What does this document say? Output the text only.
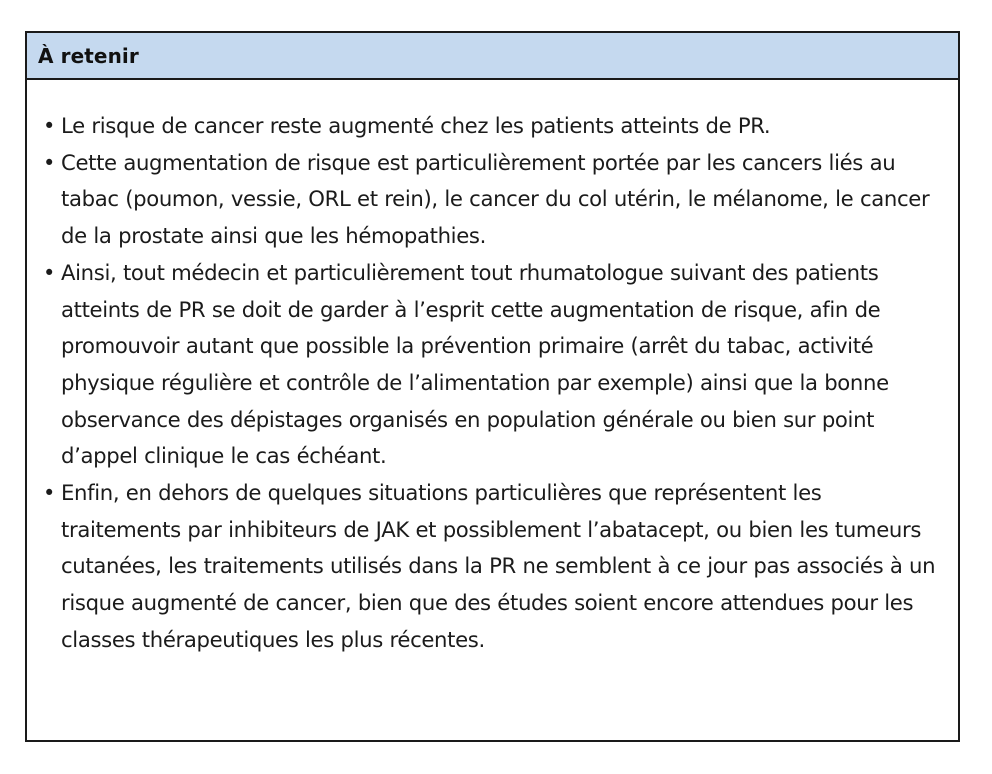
À retenir
• Le risque de cancer reste augmenté chez les patients atteints de PR.
• Cette augmentation de risque est particulièrement portée par les cancers liés au tabac (poumon, vessie, ORL et rein), le cancer du col utérin, le mélanome, le cancer de la prostate ainsi que les hémopathies.
• Ainsi, tout médecin et particulièrement tout rhumatologue suivant des patients atteints de PR se doit de garder à l’esprit cette augmentation de risque, afin de promouvoir autant que possible la prévention primaire (arrêt du tabac, activité physique régulière et contrôle de l’alimentation par exemple) ainsi que la bonne observance des dépistages organisés en population générale ou bien sur point d’appel clinique le cas échéant.
• Enfin, en dehors de quelques situations particulières que représentent les traitements par inhibiteurs de JAK et possiblement l’abatacept, ou bien les tumeurs cutanées, les traitements utilisés dans la PR ne semblent à ce jour pas associés à un risque augmenté de cancer, bien que des études soient encore attendues pour les classes thérapeutiques les plus récentes.
